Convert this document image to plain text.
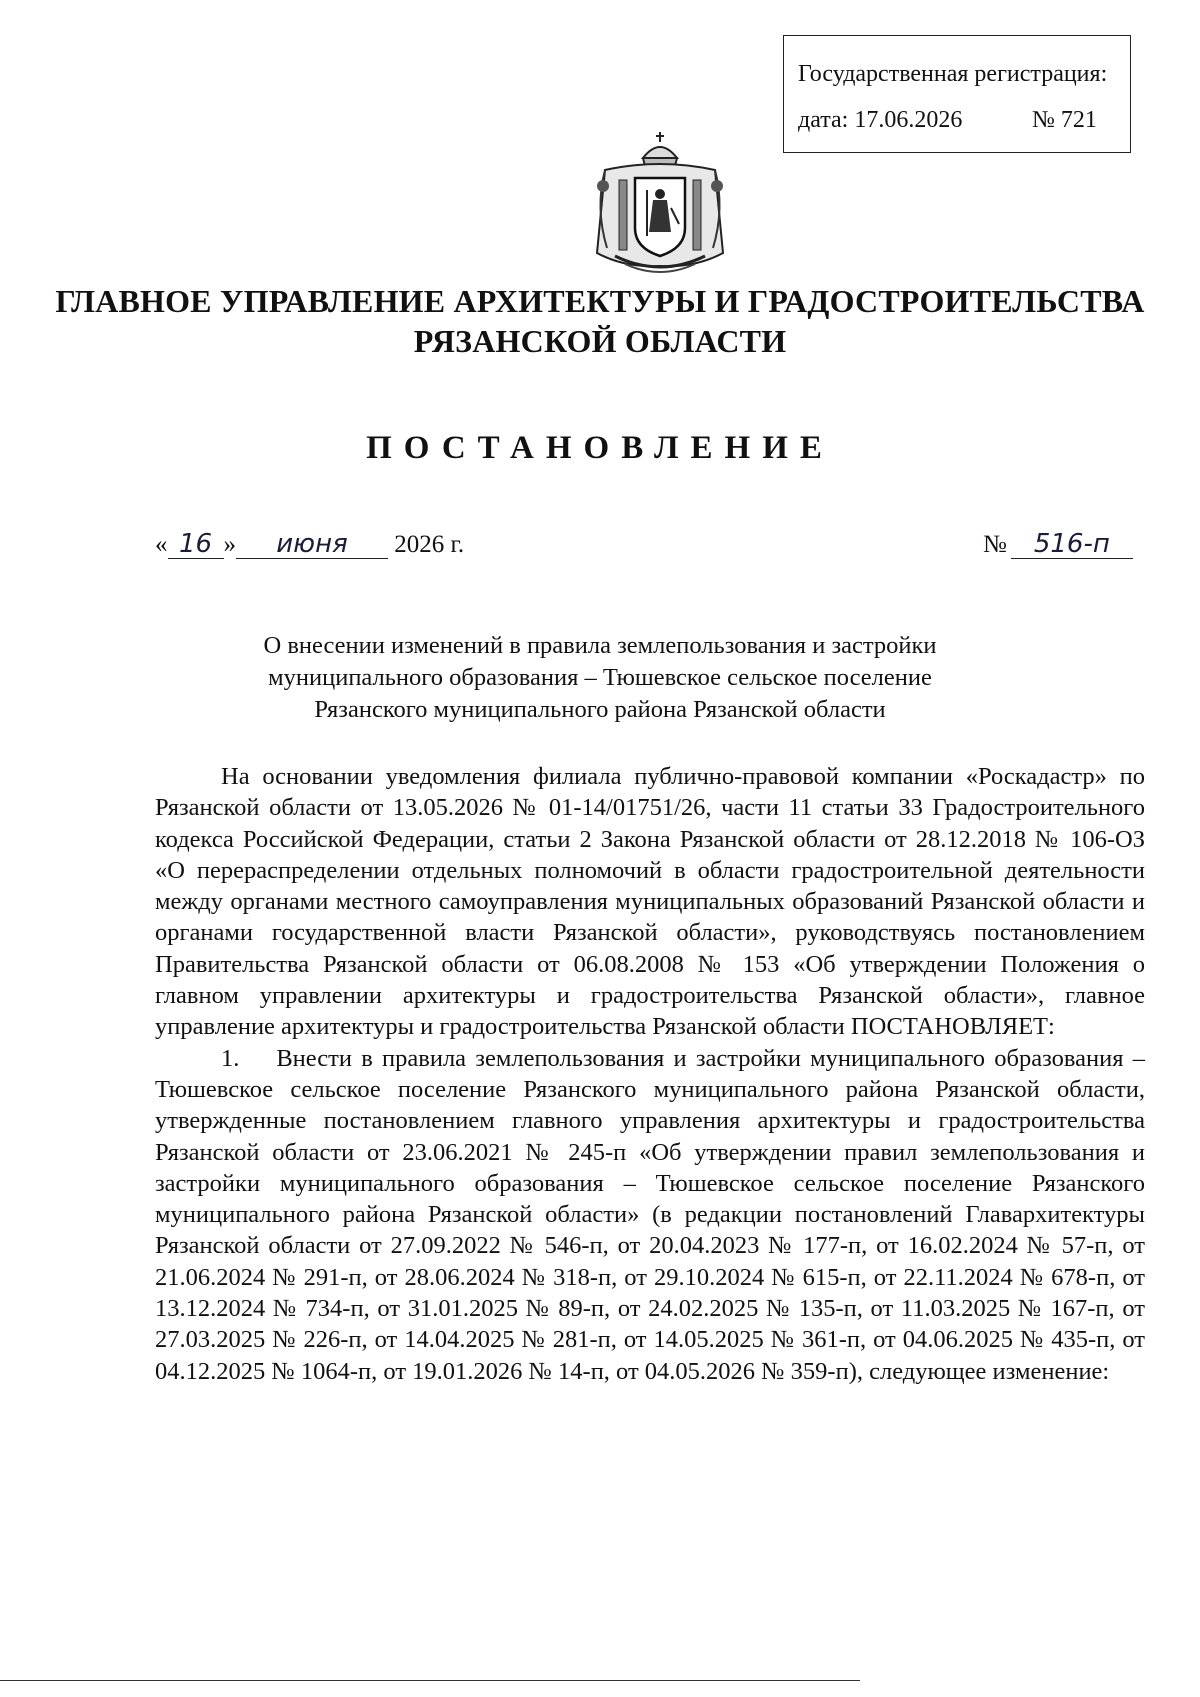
Государственная регистрация:
дата: 17.06.2026	№ 721
ГЛАВНОЕ УПРАВЛЕНИЕ АРХИТЕКТУРЫ И ГРАДОСТРОИТЕЛЬСТВА
РЯЗАНСКОЙ ОБЛАСТИ
ПОСТАНОВЛЕНИЕ
« 16 » июня 2026 г.	№ 516-п
О внесении изменений в правила землепользования и застройки
муниципального образования – Тюшевское сельское поселение
Рязанского муниципального района Рязанской области

На основании уведомления филиала публично-правовой компании «Роскадастр» по Рязанской области от 13.05.2026 № 01-14/01751/26, части 11 статьи 33 Градостроительного кодекса Российской Федерации, статьи 2 Закона Рязанской области от 28.12.2018 № 106-ОЗ «О перераспределении отдельных полномочий в области градостроительной деятельности между органами местного самоуправления муниципальных образований Рязанской области и органами государственной власти Рязанской области», руководствуясь постановлением Правительства Рязанской области от 06.08.2008 № 153 «Об утверждении Положения о главном управлении архитектуры и градостроительства Рязанской области», главное управление архитектуры и градостроительства Рязанской области ПОСТАНОВЛЯЕТ:

1. Внести в правила землепользования и застройки муниципального образования – Тюшевское сельское поселение Рязанского муниципального района Рязанской области, утвержденные постановлением главного управления архитектуры и градостроительства Рязанской области от 23.06.2021 № 245-п «Об утверждении правил землепользования и застройки муниципального образования – Тюшевское сельское поселение Рязанского муниципального района Рязанской области» (в редакции постановлений Главархитектуры Рязанской области от 27.09.2022 № 546-п, от 20.04.2023 № 177-п, от 16.02.2024 № 57-п, от 21.06.2024 № 291-п, от 28.06.2024 № 318-п, от 29.10.2024 № 615-п, от 22.11.2024 № 678-п, от 13.12.2024 № 734-п, от 31.01.2025 № 89-п, от 24.02.2025 № 135-п, от 11.03.2025 № 167-п, от 27.03.2025 № 226-п, от 14.04.2025 № 281-п, от 14.05.2025 № 361-п, от 04.06.2025 № 435-п, от 04.12.2025 № 1064-п, от 19.01.2026 № 14-п, от 04.05.2026 № 359-п), следующее изменение:
